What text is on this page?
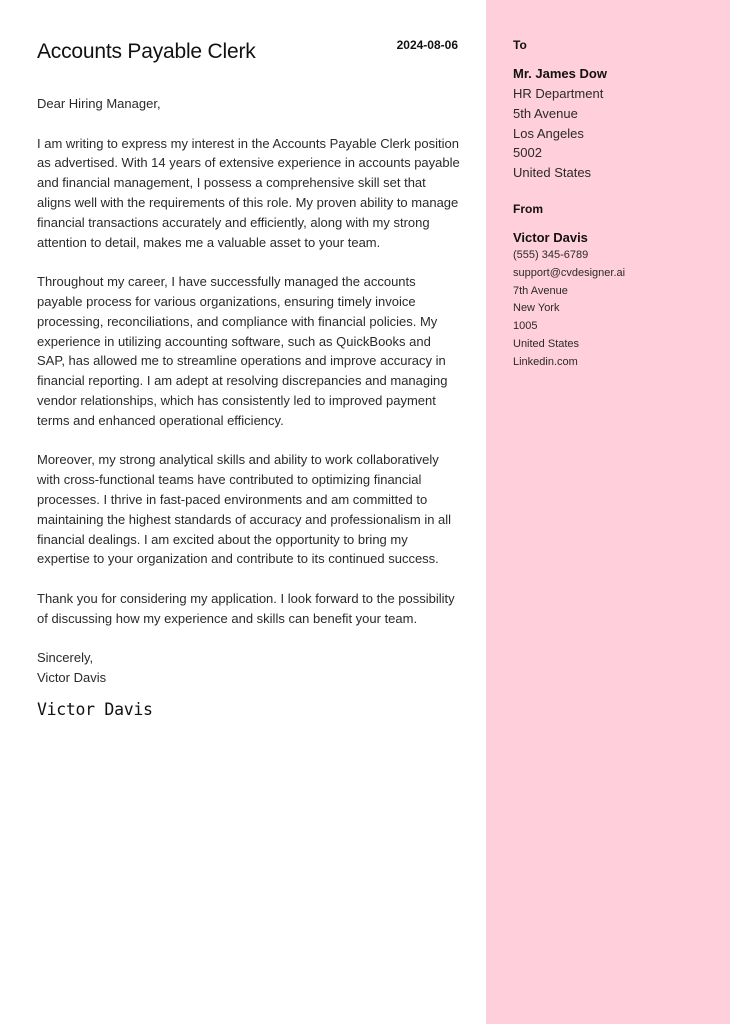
Accounts Payable Clerk	2024-08-06

Dear Hiring Manager,

I am writing to express my interest in the Accounts Payable Clerk position as advertised. With 14 years of extensive experience in accounts payable and financial management, I possess a comprehensive skill set that aligns well with the requirements of this role. My proven ability to manage financial transactions accurately and efficiently, along with my strong attention to detail, makes me a valuable asset to your team.

Throughout my career, I have successfully managed the accounts payable process for various organizations, ensuring timely invoice processing, reconciliations, and compliance with financial policies. My experience in utilizing accounting software, such as QuickBooks and SAP, has allowed me to streamline operations and improve accuracy in financial reporting. I am adept at resolving discrepancies and managing vendor relationships, which has consistently led to improved payment terms and enhanced operational efficiency.

Moreover, my strong analytical skills and ability to work collaboratively with cross-functional teams have contributed to optimizing financial processes. I thrive in fast-paced environments and am committed to maintaining the highest standards of accuracy and professionalism in all financial dealings. I am excited about the opportunity to bring my expertise to your organization and contribute to its continued success.

Thank you for considering my application. I look forward to the possibility of discussing how my experience and skills can benefit your team.

Sincerely,

Victor Davis

Victor Davis
To
Mr. James Dow
HR Department
5th Avenue
Los Angeles
5002
United States
From
Victor Davis
(555) 345-6789
support@cvdesigner.ai
7th Avenue
New York
1005
United States
Linkedin.com
